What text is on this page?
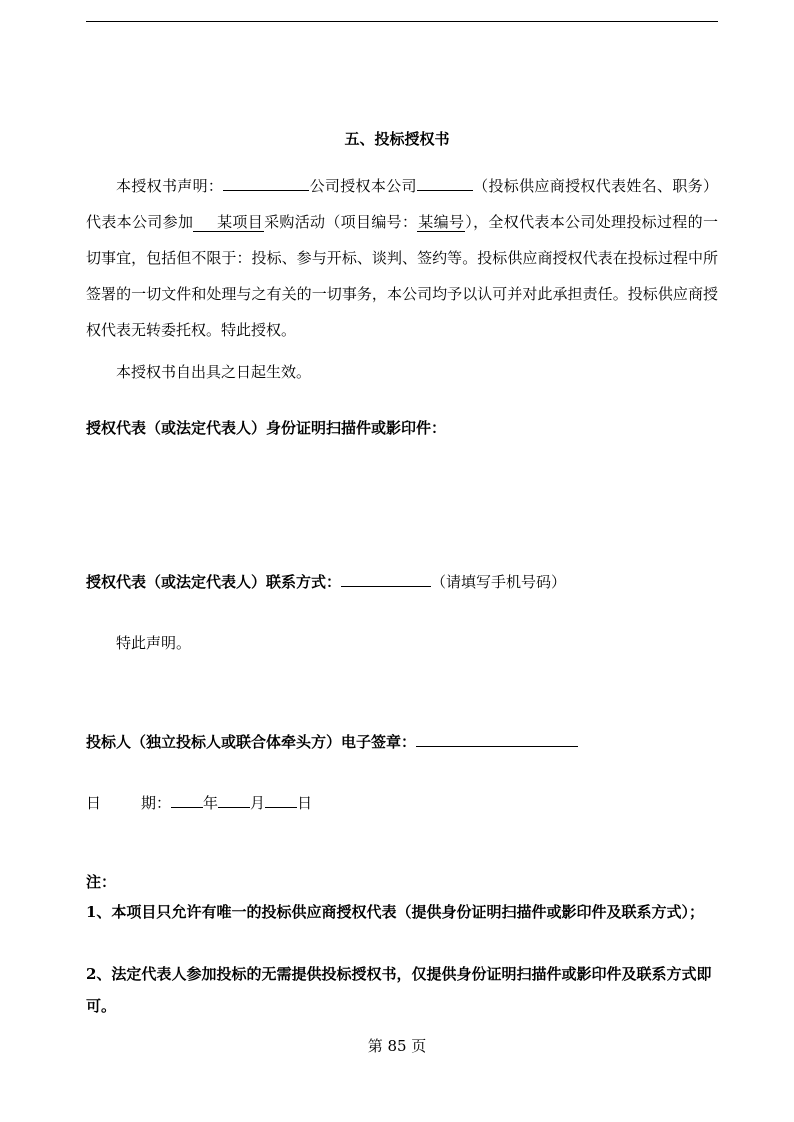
五、投标授权书
本授权书声明：	公司授权本公司	（投标供应商授权代表姓名、职务）代表本公司参加    某项目采购活动（项目编号：某编号），全权代表本公司处理投标过程的一切事宜，包括但不限于：投标、参与开标、谈判、签约等。投标供应商授权代表在投标过程中所签署的一切文件和处理与之有关的一切事务，本公司均予以认可并对此承担责任。投标供应商授权代表无转委托权。特此授权。
本授权书自出具之日起生效。
授权代表（或法定代表人）身份证明扫描件或影印件：
授权代表（或法定代表人）联系方式：	（请填写手机号码）
特此声明。
投标人（独立投标人或联合体牵头方）电子签章：
日	期： 年 月 日
注：
1、本项目只允许有唯一的投标供应商授权代表（提供身份证明扫描件或影印件及联系方式）；
2、法定代表人参加投标的无需提供投标授权书，仅提供身份证明扫描件或影印件及联系方式即可。
第 85 页
